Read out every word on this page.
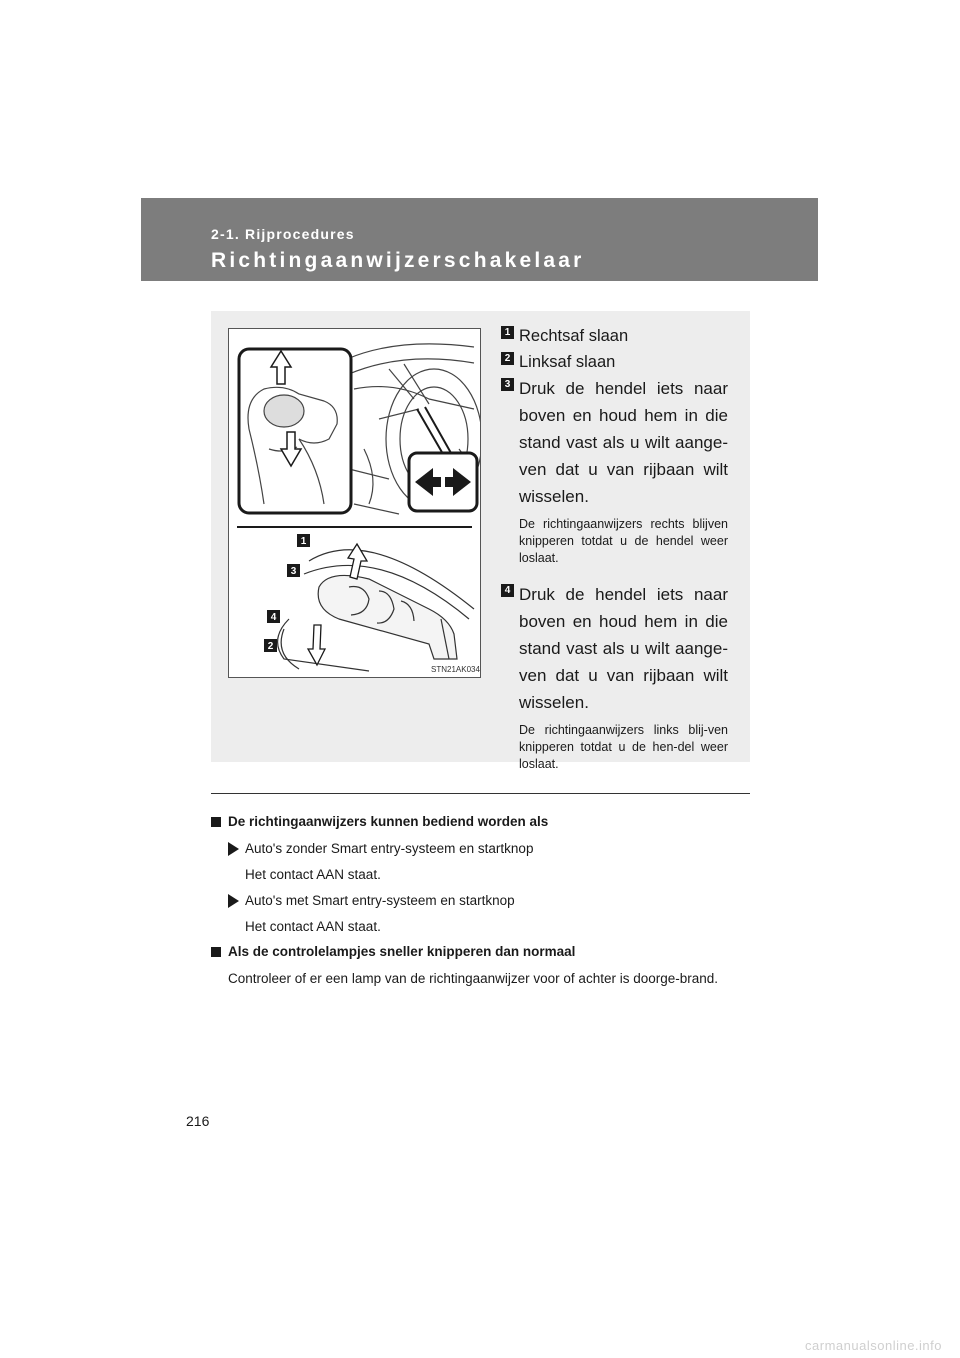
2-1. Rijprocedures
Richtingaanwijzerschakelaar
1
3
4
2
STN21AK034
1 Rechtsaf slaan
2 Linksaf slaan
3 Druk de hendel iets naar boven en houd hem in die stand vast als u wilt aange-ven dat u van rijbaan wilt wisselen.
De richtingaanwijzers rechts blijven knipperen totdat u de hendel weer loslaat.
4 Druk de hendel iets naar boven en houd hem in die stand vast als u wilt aange-ven dat u van rijbaan wilt wisselen.
De richtingaanwijzers links blij-ven knipperen totdat u de hen-del weer loslaat.
De richtingaanwijzers kunnen bediend worden als
Auto's zonder Smart entry-systeem en startknop
Het contact AAN staat.
Auto's met Smart entry-systeem en startknop
Het contact AAN staat.
Als de controlelampjes sneller knipperen dan normaal
Controleer of er een lamp van de richtingaanwijzer voor of achter is doorge-brand.
216
carmanualsonline.info
